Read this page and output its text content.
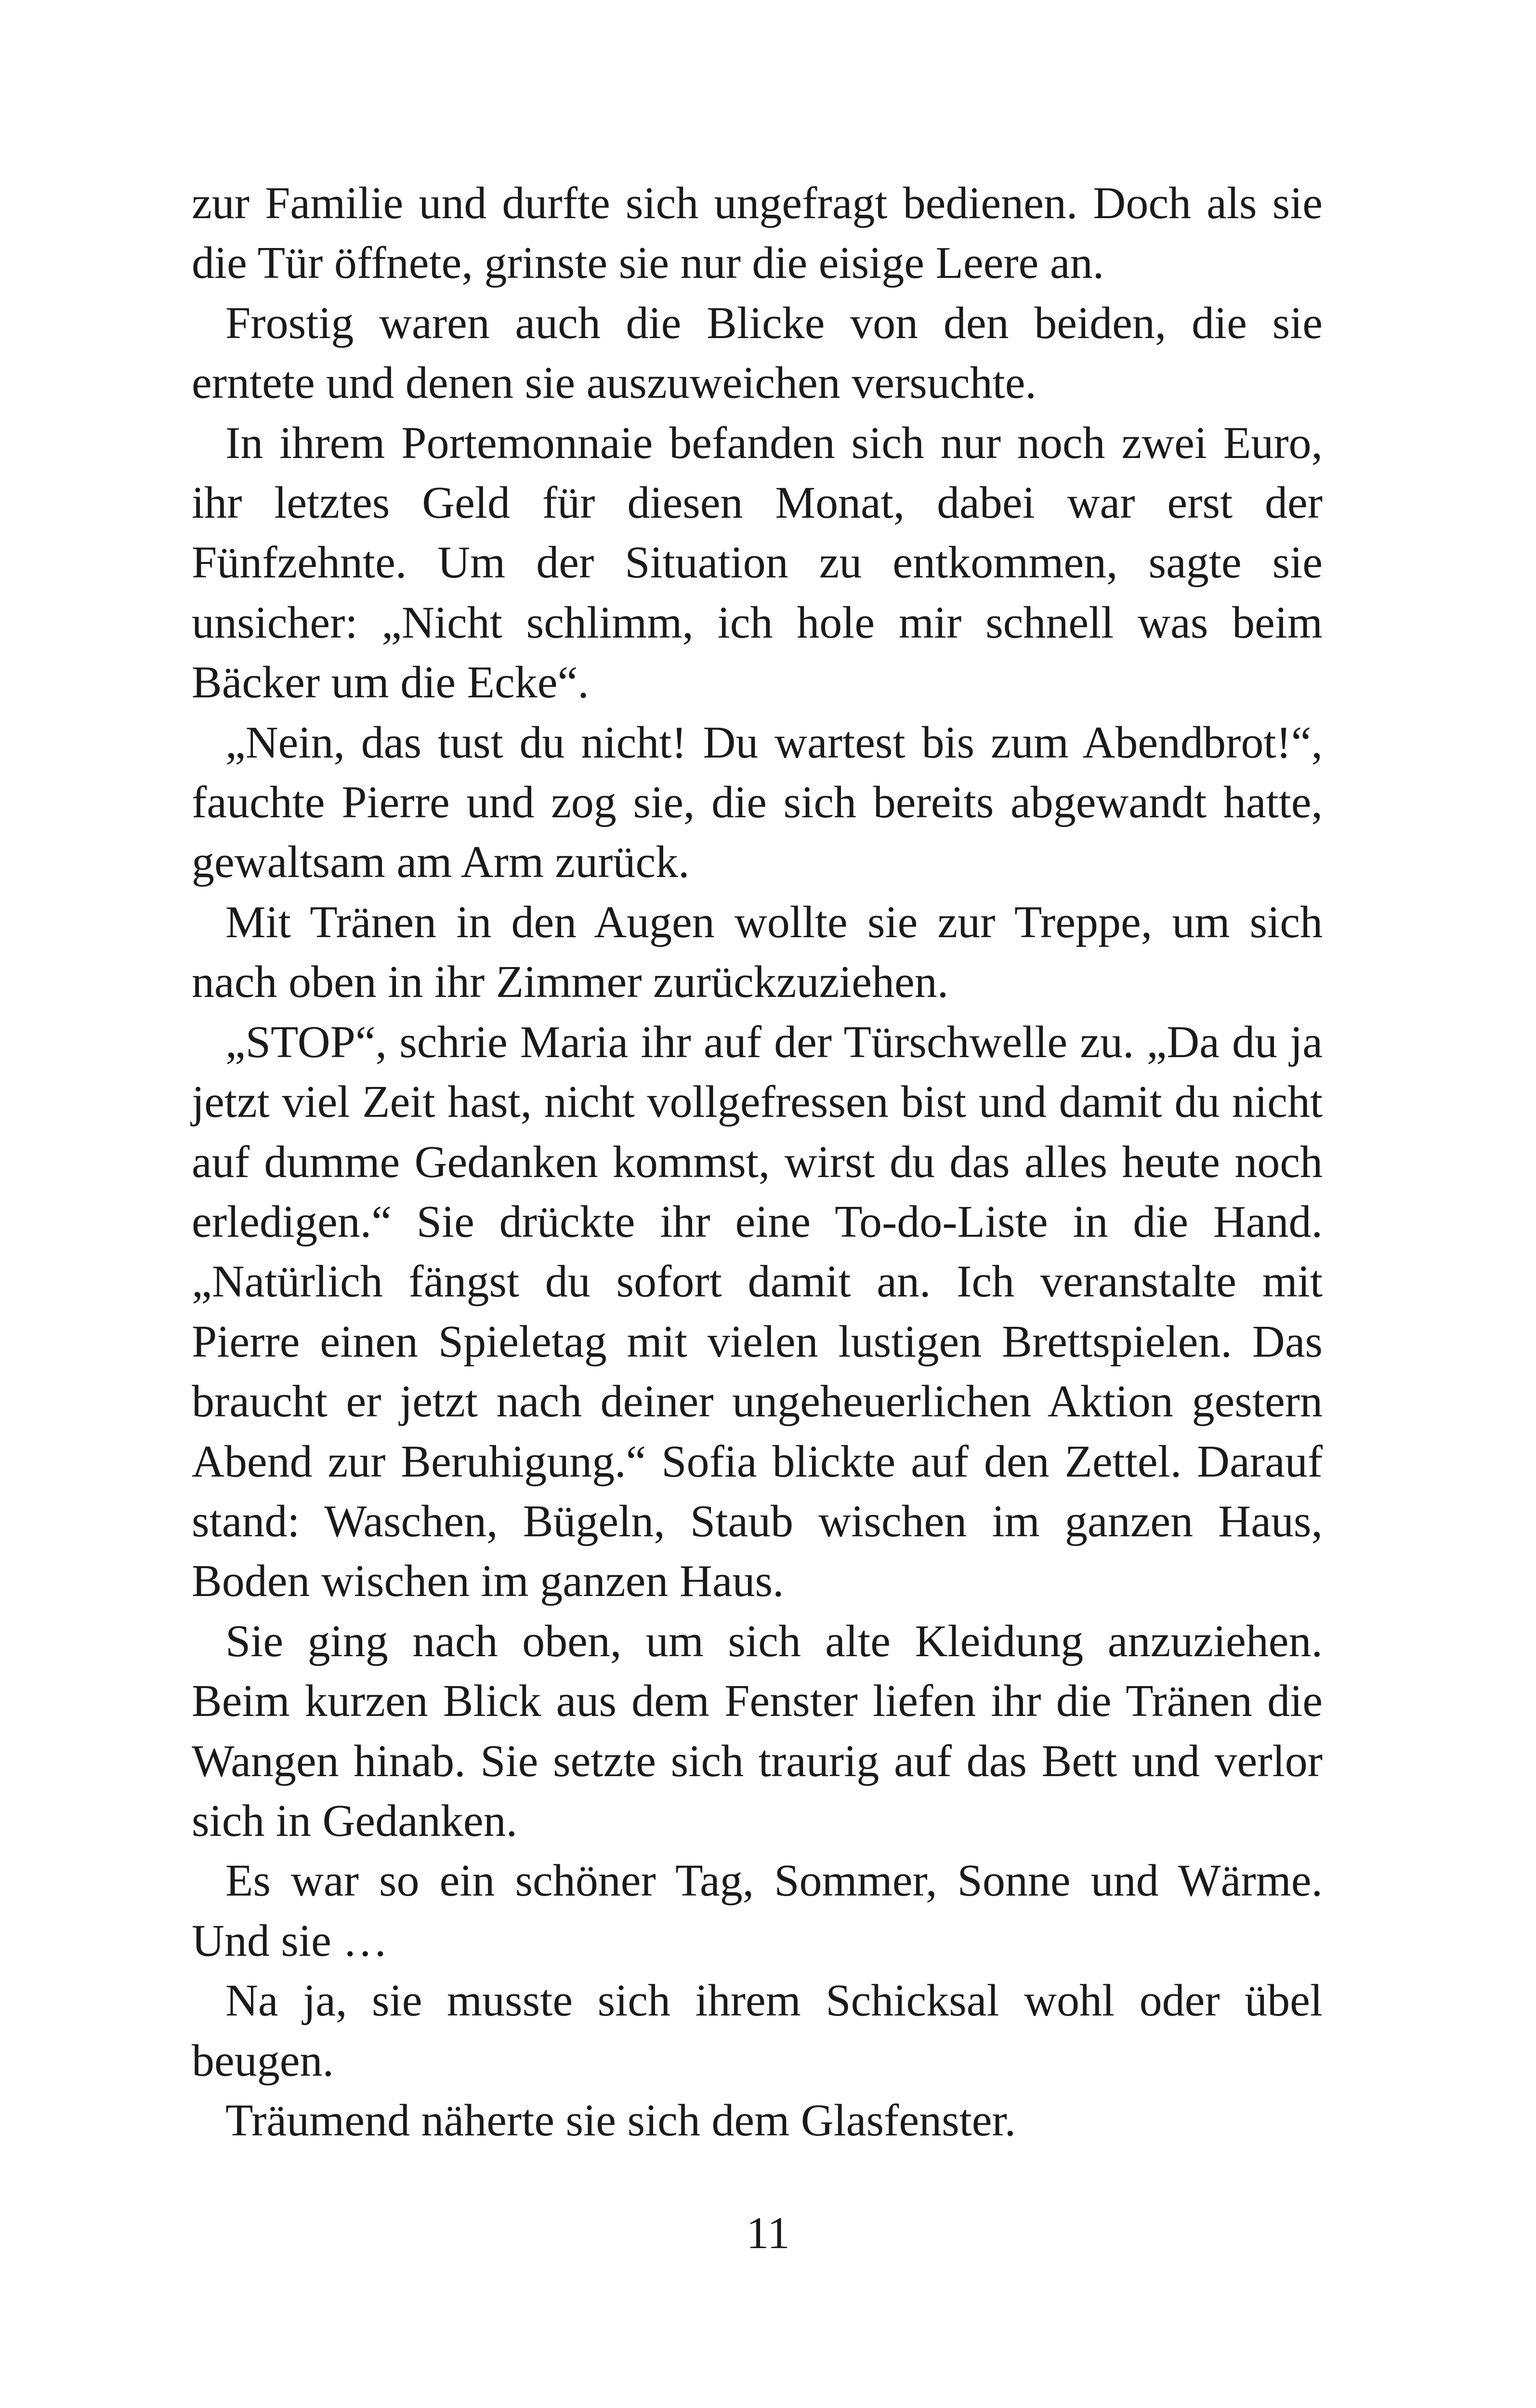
zur Familie und durfte sich ungefragt bedienen. Doch als sie die Tür öffnete, grinste sie nur die eisige Leere an.

Frostig waren auch die Blicke von den beiden, die sie erntete und denen sie auszuweichen versuchte.

In ihrem Portemonnaie befanden sich nur noch zwei Euro, ihr letztes Geld für diesen Monat, dabei war erst der Fünfzehnte. Um der Situation zu entkommen, sagte sie unsicher: „Nicht schlimm, ich hole mir schnell was beim Bäcker um die Ecke“.

„Nein, das tust du nicht! Du wartest bis zum Abendbrot!“, fauchte Pierre und zog sie, die sich bereits abgewandt hatte, gewaltsam am Arm zurück.

Mit Tränen in den Augen wollte sie zur Treppe, um sich nach oben in ihr Zimmer zurückzuziehen.

„STOP“, schrie Maria ihr auf der Türschwelle zu. „Da du ja jetzt viel Zeit hast, nicht vollgefressen bist und damit du nicht auf dumme Gedanken kommst, wirst du das alles heute noch erledigen.“ Sie drückte ihr eine To-do-Liste in die Hand. „Natürlich fängst du sofort damit an. Ich veranstalte mit Pierre einen Spieletag mit vielen lustigen Brettspielen. Das braucht er jetzt nach deiner ungeheuerlichen Aktion gestern Abend zur Beruhigung.“ Sofia blickte auf den Zettel. Darauf stand: Waschen, Bügeln, Staub wischen im ganzen Haus, Boden wischen im ganzen Haus.

Sie ging nach oben, um sich alte Kleidung anzuziehen. Beim kurzen Blick aus dem Fenster liefen ihr die Tränen die Wangen hinab. Sie setzte sich traurig auf das Bett und verlor sich in Gedanken.

Es war so ein schöner Tag, Sommer, Sonne und Wärme. Und sie …

Na ja, sie musste sich ihrem Schicksal wohl oder übel beugen.

Träumend näherte sie sich dem Glasfenster.

11
